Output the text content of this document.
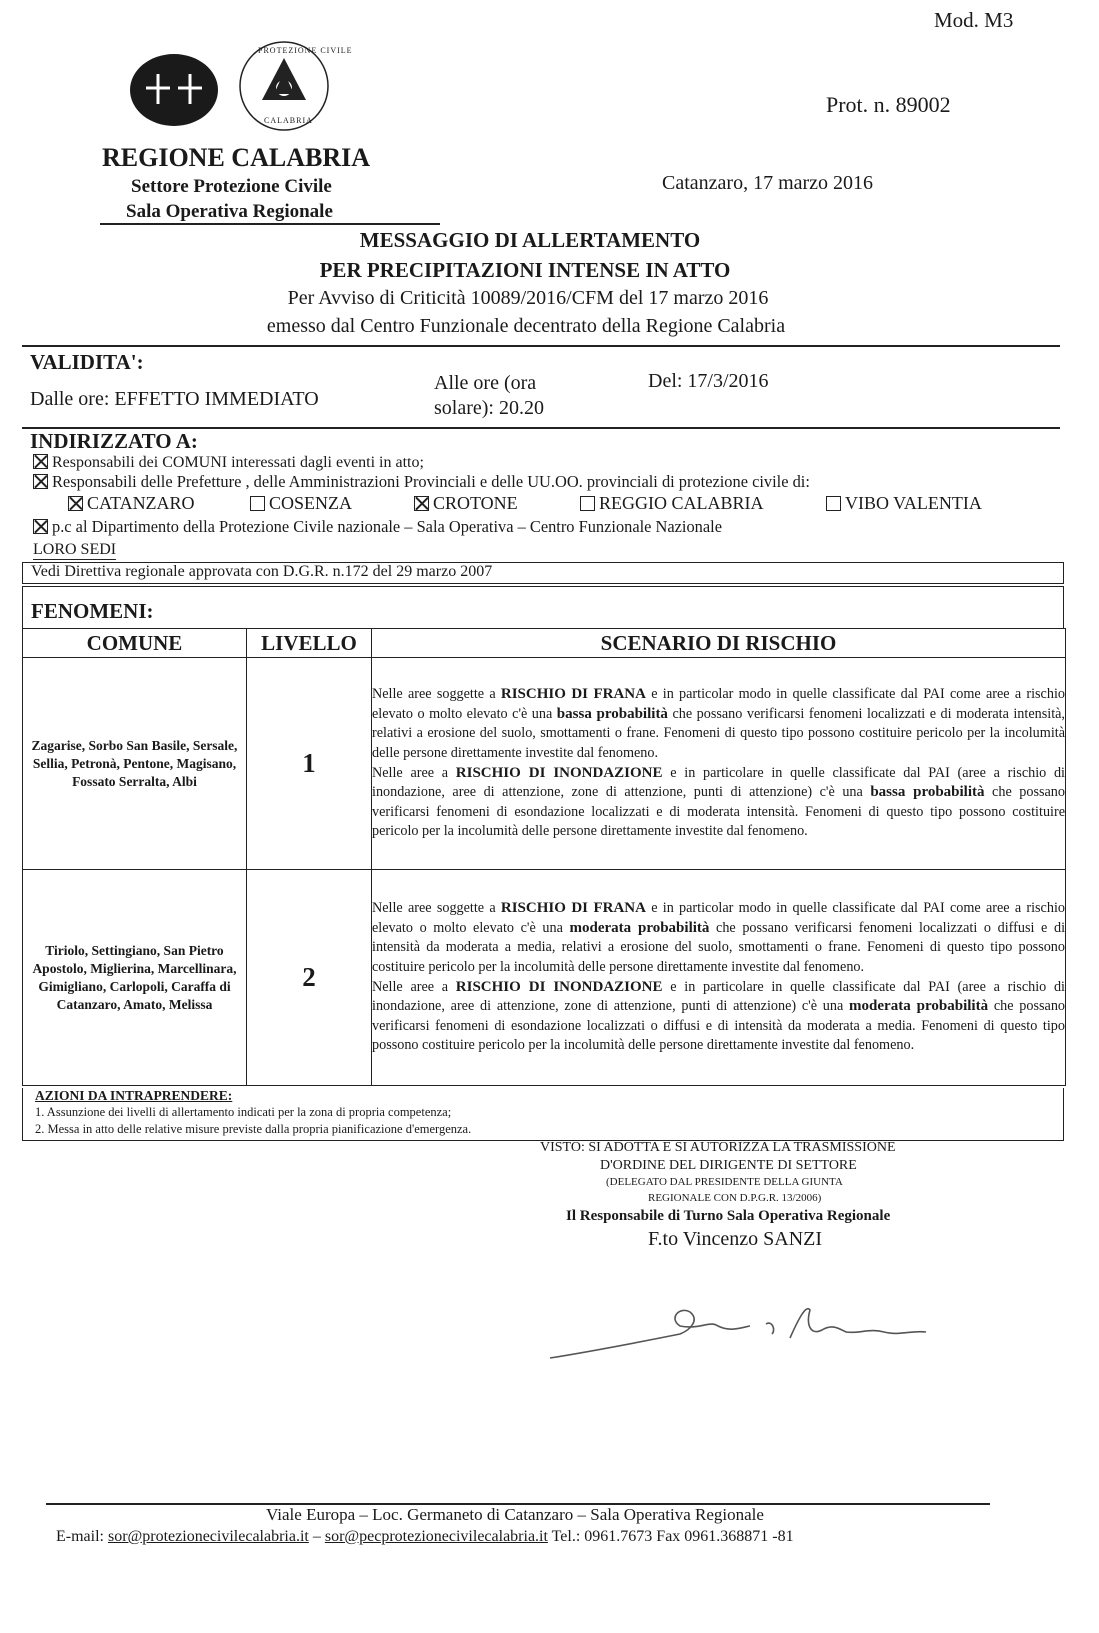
Mod. M3
PROTEZIONE CIVILE
CALABRIA
Prot. n. 89002
REGIONE CALABRIA
Settore Protezione Civile
Sala Operativa Regionale
Catanzaro, 17 marzo 2016
MESSAGGIO DI ALLERTAMENTO
PER PRECIPITAZIONI INTENSE IN ATTO
Per Avviso di Criticità 10089/2016/CFM del 17 marzo 2016
emesso dal Centro Funzionale decentrato della Regione Calabria
VALIDITA':
Dalle ore: EFFETTO IMMEDIATO
Alle ore (ora
solare): 20.20
Del: 17/3/2016
INDIRIZZATO A:
Responsabili dei COMUNI interessati dagli eventi in atto;
Responsabili delle Prefetture , delle Amministrazioni Provinciali e delle UU.OO. provinciali di protezione civile di:
CATANZARO	COSENZA	CROTONE	REGGIO CALABRIA	VIBO VALENTIA
p.c al Dipartimento della Protezione Civile nazionale – Sala Operativa – Centro Funzionale Nazionale
LORO SEDI
Vedi Direttiva regionale approvata con D.G.R. n.172 del 29 marzo 2007
FENOMENI:
COMUNE	LIVELLO	SCENARIO DI RISCHIO
Zagarise, Sorbo San Basile, Sersale, Sellia, Petronà, Pentone, Magisano, Fossato Serralta, Albi	1	Nelle aree soggette a RISCHIO DI FRANA e in particolar modo in quelle classificate dal PAI come aree a rischio elevato o molto elevato c'è una bassa probabilità che possano verificarsi fenomeni localizzati e di moderata intensità, relativi a erosione del suolo, smottamenti o frane. Fenomeni di questo tipo possono costituire pericolo per la incolumità delle persone direttamente investite dal fenomeno.
Nelle aree a RISCHIO DI INONDAZIONE e in particolare in quelle classificate dal PAI (aree a rischio di inondazione, aree di attenzione, zone di attenzione, punti di attenzione) c'è una bassa probabilità che possano verificarsi fenomeni di esondazione localizzati e di moderata intensità. Fenomeni di questo tipo possono costituire pericolo per la incolumità delle persone direttamente investite dal fenomeno.
Tiriolo, Settingiano, San Pietro Apostolo, Miglierina, Marcellinara, Gimigliano, Carlopoli, Caraffa di Catanzaro, Amato, Melissa	2	Nelle aree soggette a RISCHIO DI FRANA e in particolar modo in quelle classificate dal PAI come aree a rischio elevato o molto elevato c'è una moderata probabilità che possano verificarsi fenomeni localizzati o diffusi e di intensità da moderata a media, relativi a erosione del suolo, smottamenti o frane. Fenomeni di questo tipo possono costituire pericolo per la incolumità delle persone direttamente investite dal fenomeno.
Nelle aree a RISCHIO DI INONDAZIONE e in particolare in quelle classificate dal PAI (aree a rischio di inondazione, aree di attenzione, zone di attenzione, punti di attenzione) c'è una moderata probabilità che possano verificarsi fenomeni di esondazione localizzati o diffusi e di intensità da moderata a media. Fenomeni di questo tipo possono costituire pericolo per la incolumità delle persone direttamente investite dal fenomeno.
AZIONI DA INTRAPRENDERE:
1. Assunzione dei livelli di allertamento indicati per la zona di propria competenza;
2. Messa in atto delle relative misure previste dalla propria pianificazione d'emergenza.
VISTO: SI ADOTTA E SI AUTORIZZA LA TRASMISSIONE
D'ORDINE DEL DIRIGENTE DI SETTORE
(DELEGATO DAL PRESIDENTE DELLA GIUNTA
REGIONALE CON D.P.G.R. 13/2006)
Il Responsabile di Turno Sala Operativa Regionale
F.to Vincenzo SANZI
Viale Europa – Loc. Germaneto di Catanzaro – Sala Operativa Regionale
E-mail: sor@protezionecivilecalabria.it – sor@pecprotezionecivilecalabria.it Tel.: 0961.7673 Fax 0961.368871 -81
